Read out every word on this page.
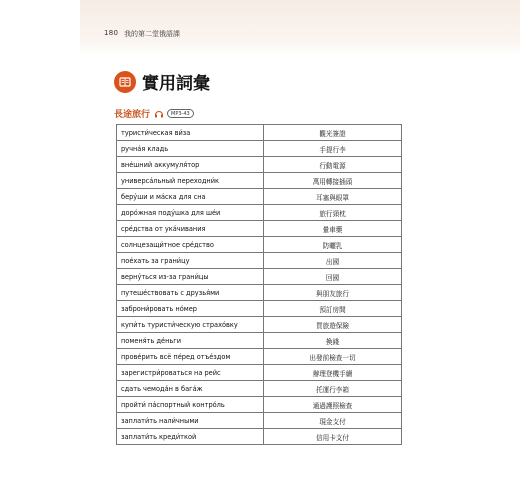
180 我的第二堂俄語課
實用詞彙
長途旅行	MP3-43
туристи́ческая ви́за	觀光簽證
ручна́я кладь	手提行李
вне́шний аккумуля́тор	行動電源
универса́льный переходни́к	萬用轉接插頭
беру́ши и ма́ска для сна	耳塞與眼罩
доро́жная поду́шка для ше́и	旅行頸枕
сре́дства от ука́чивания	暈車藥
солнцезащи́тное сре́дство	防曬乳
пое́хать за грани́цу	出國
верну́ться из-за грани́цы	回國
путеше́ствовать с друзья́ми	與朋友旅行
заброни́ровать но́мер	預訂房間
купи́ть туристи́ческую страхо́вку	買旅遊保險
поменя́ть де́ньги	換錢
прове́рить всё пе́ред отъе́здом	出發前檢查一切
зарегистри́роваться на рейс	辦理登機手續
сдать чемода́н в бага́ж	托運行李箱
пройти́ па́спортный контро́ль	通過護照檢查
заплати́ть нали́чными	現金支付
заплати́ть креди́ткой	信用卡支付
